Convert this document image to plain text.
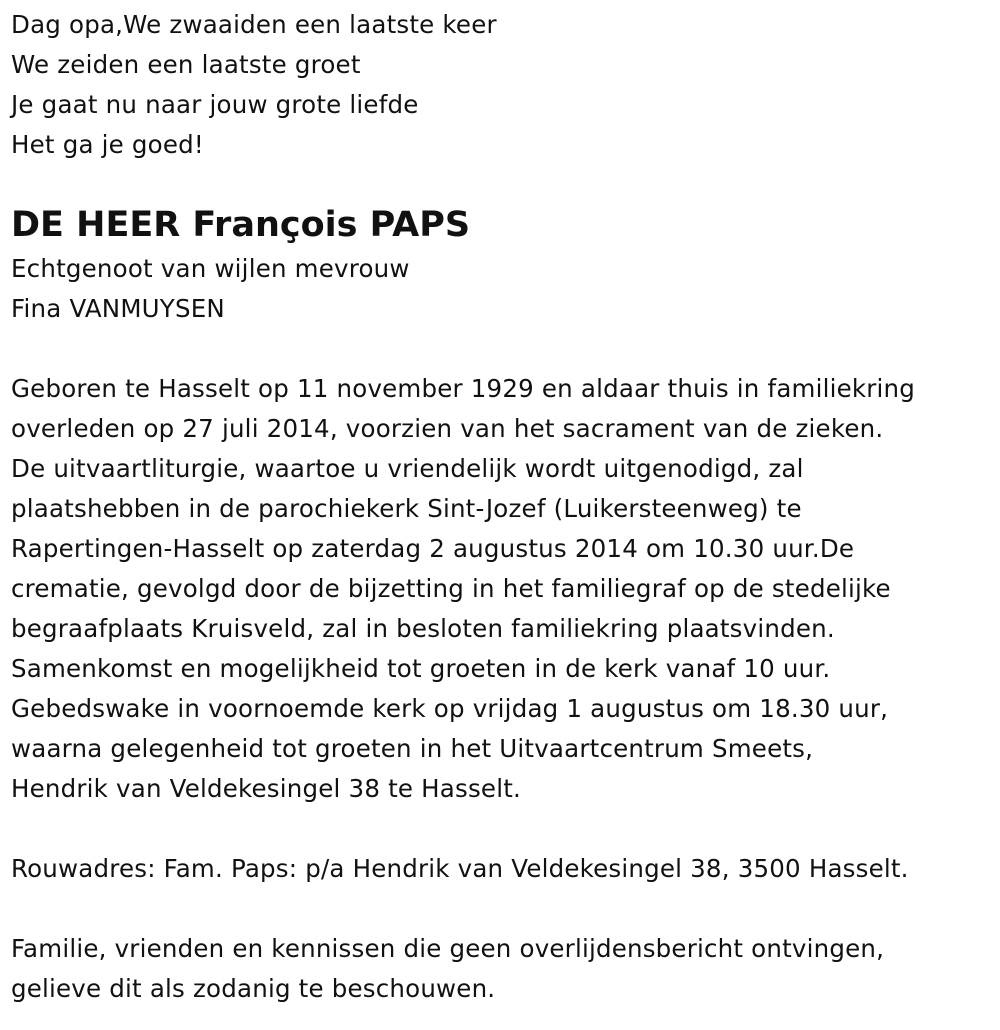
Dag opa,We zwaaiden een laatste keer
We zeiden een laatste groet
Je gaat nu naar jouw grote liefde
Het ga je goed!
DE HEER François PAPS
Echtgenoot van wijlen mevrouw
Fina VANMUYSEN
Geboren te Hasselt op 11 november 1929 en aldaar thuis in familiekring
overleden op 27 juli 2014, voorzien van het sacrament van de zieken.
De uitvaartliturgie, waartoe u vriendelijk wordt uitgenodigd, zal
plaatshebben in de parochiekerk Sint-Jozef (Luikersteenweg) te
Rapertingen-Hasselt op zaterdag 2 augustus 2014 om 10.30 uur.De
crematie, gevolgd door de bijzetting in het familiegraf op de stedelijke
begraafplaats Kruisveld, zal in besloten familiekring plaatsvinden.
Samenkomst en mogelijkheid tot groeten in de kerk vanaf 10 uur.
Gebedswake in voornoemde kerk op vrijdag 1 augustus om 18.30 uur,
waarna gelegenheid tot groeten in het Uitvaartcentrum Smeets,
Hendrik van Veldekesingel 38 te Hasselt.
Rouwadres: Fam. Paps: p/a Hendrik van Veldekesingel 38, 3500 Hasselt.
Familie, vrienden en kennissen die geen overlijdensbericht ontvingen,
gelieve dit als zodanig te beschouwen.
